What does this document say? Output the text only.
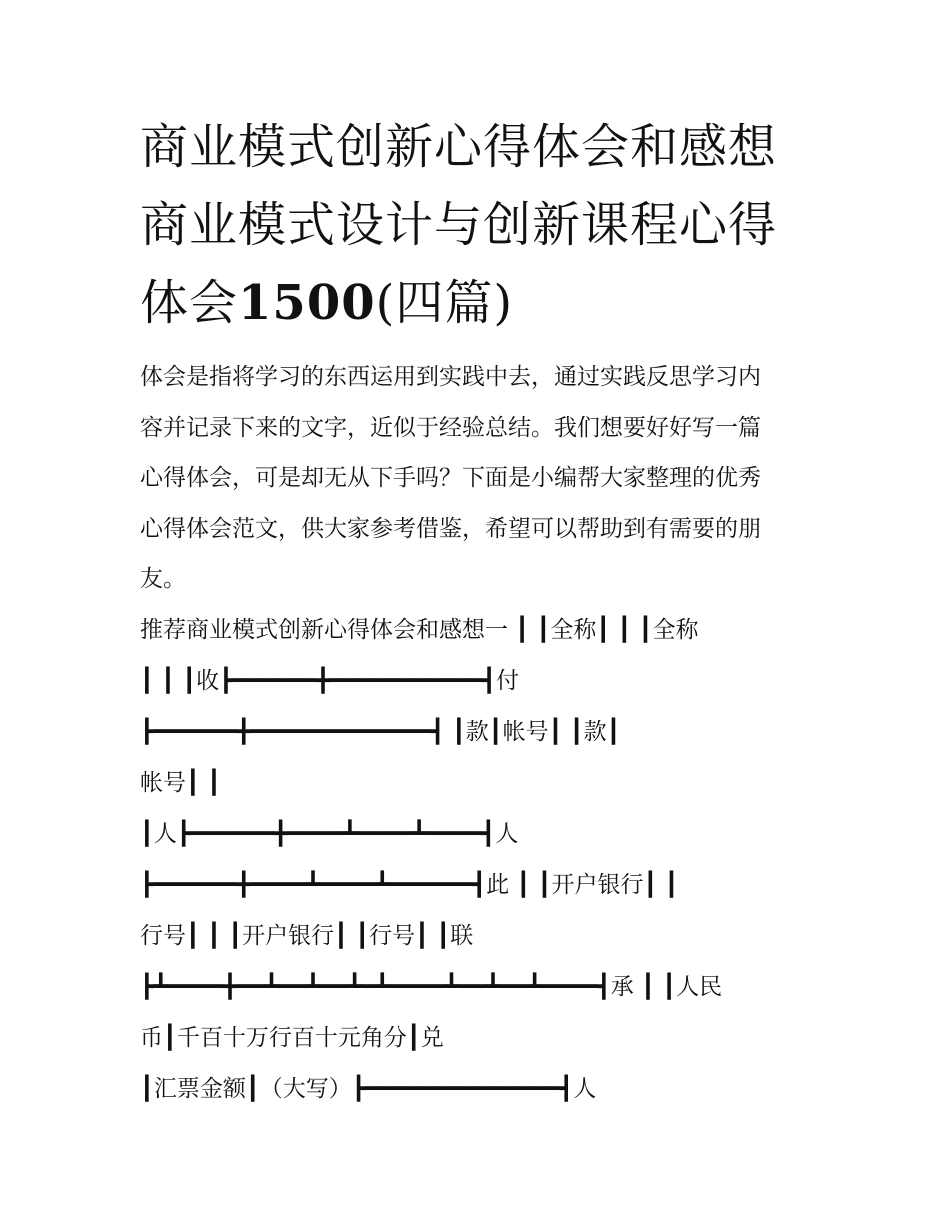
商业模式创新心得体会和感想
商业模式设计与创新课程心得
体会1500(四篇)
体会是指将学习的东西运用到实践中去，通过实践反思学习内
容并记录下来的文字，近似于经验总结。我们想要好好写一篇
心得体会，可是却无从下手吗？下面是小编帮大家整理的优秀
心得体会范文，供大家参考借鉴，希望可以帮助到有需要的朋
友。
推荐商业模式创新心得体会和感想一 ┃ ┃全称┃ ┃ ┃全称
┃ ┃ ┃收┣━━━━━━╋━━━━━━━━━━━┫付
┣━━━━━━╋━━━━━━━━━━━━━┫ ┃款┃帐号┃ ┃款┃
帐号┃ ┃
┃人┣━━━━━━╋━━━━┻━━━━┻━━━━┫人
┣━━━━━━╋━━━━┻━━━━┻━━━━━━┫此 ┃ ┃开户银行┃ ┃
行号┃ ┃ ┃开户银行┃ ┃行号┃ ┃联
┣┻━━━━╋━━┻━━┻━━┻━┻━━━━┻━━┻━━┻━━━━┫承 ┃ ┃人民
币┃千百十万行百十元角分┃兑
┃汇票金额┃（大写）┣━━━━━━━━━━━━━━┫人
